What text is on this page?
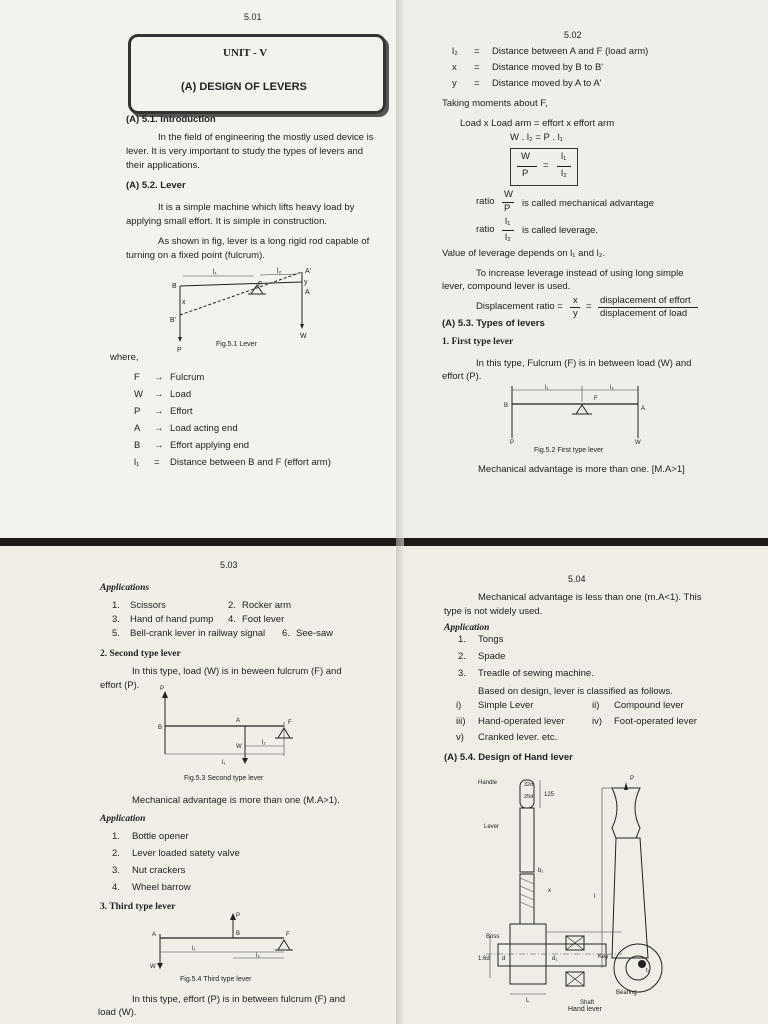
5.01
UNIT - V
(A) DESIGN OF LEVERS
(A) 5.1. Introduction
In the field of engineering the mostly used device is
lever. It is very important to study the types of levers and
their applications.
(A) 5.2. Lever
It is a simple machine which lifts heavy load by
applying small effort. It is simple in construction.
As shown in fig, lever is a long rigid rod capable of
turning on a fixed point (fulcrum).
B	F
A'
A
B'
x
y
P
W
l₁	l₂
Fig.5.1 Lever
where,
F → Fulcrum
W → Load
P → Effort
A → Load acting end
B → Effort applying end
l₁ = Distance between B and F (effort arm)
5.02
l₂ = Distance between A and F (load arm)
x = Distance moved by B to B'
y = Distance moved by A to A'
Taking moments about F,
Load x Load arm = effort x effort arm
W . l₂ = P . l₁
W
P
=
l₁
l₂
ratio
W
P is called mechanical advantage
ratio
l₁
l₂
is called leverage.
Value of leverage depends on l₁ and l₂.
To increase leverage instead of using long simple
lever, compound lever is used.
Displacement ratio =
x
y
=
displacement of effort
displacement of load
(A) 5.3. Types of levers
1. First type lever
In this type, Fulcrum (F) is in between load (W) and
effort (P).
B
F
A
P	W
l₁	l₂
Fig.5.2 First type lever
Mechanical advantage is more than one. [M.A>1]
5.03
Applications
1. Scissors	2. Rocker arm
3. Hand of hand pump 4. Foot lever
5. Bell-crank lever in railway signal 6. See-saw
2. Second type lever
In this type, load (W) is in beween fulcrum (F) and
effort (P).	P
B
A	F
W
l₁
l₂
Fig.5.3 Second type lever
Mechanical advantage is more than one (M.A>1).
Application
1. Bottle opener
2. Lever loaded satety valve
3. Nut crackers
4. Wheel barrow
3. Third type lever
P
A	B	F
W
l₁
l₂
Fig.5.4 Third type lever
In this type, effort (P) is in between fulcrum (F) and
load (W).
5.04
Mechanical advantage is less than one (m.A<1). This
type is not widely used.
Application
1. Tongs
2. Spade
3. Treadle of sewing machine.
Based on design, lever is classified as follows.
i) Simple Lever	ii) Compound lever
iii) Hand-operated lever	iv) Foot-operated lever
v) Cranked lever. etc.
(A) 5.4. Design of Hand lever
Handle	32d
25d 125
Lever
Boss
Key
1.6d d	d₁
L
l
P
Bearing
Shaft
b₁
x
t₁
Hand lever
